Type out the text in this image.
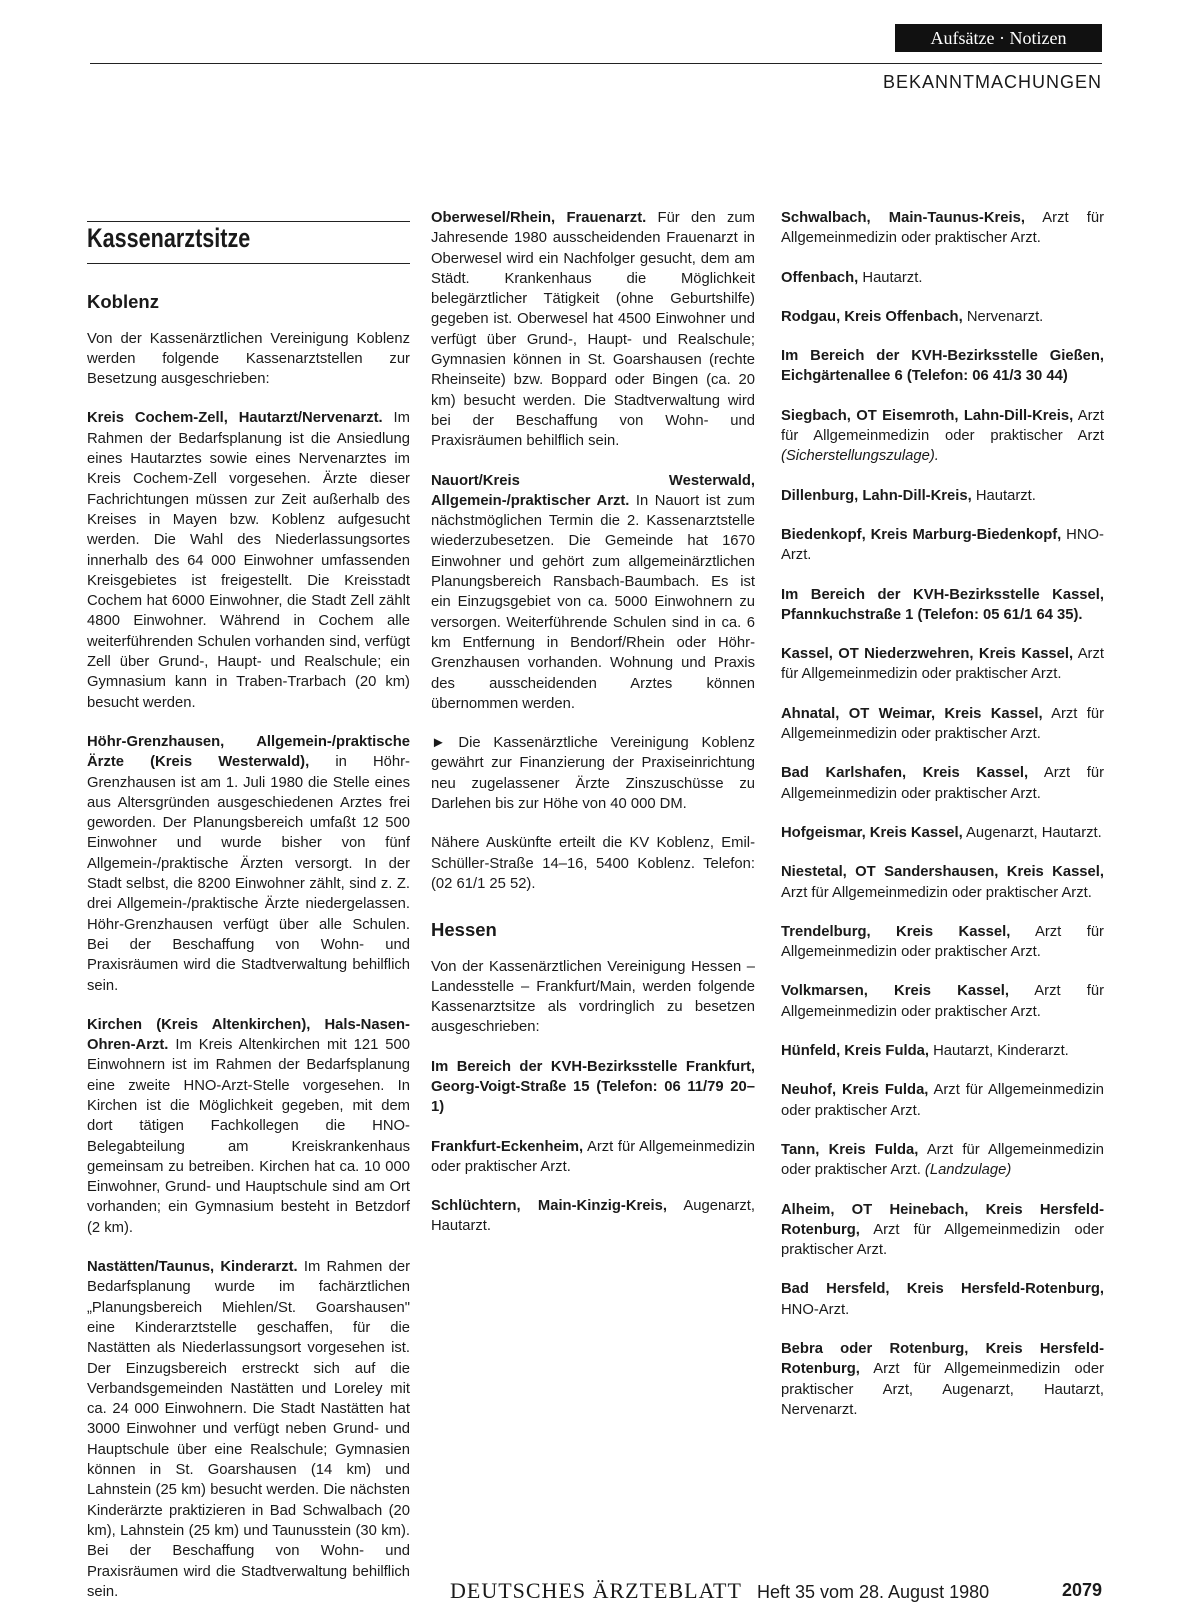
Aufsätze · Notizen
BEKANNTMACHUNGEN
Kassenarztsitze
Koblenz

Von der Kassenärztlichen Vereinigung Koblenz werden folgende Kassenarztstellen zur Besetzung ausgeschrieben:

Kreis Cochem-Zell, Hautarzt/Nervenarzt. Im Rahmen der Bedarfsplanung ist die Ansiedlung eines Hautarztes sowie eines Nervenarztes im Kreis Cochem-Zell vorgesehen. Ärzte dieser Fachrichtungen müssen zur Zeit außerhalb des Kreises in Mayen bzw. Koblenz aufgesucht werden. Die Wahl des Niederlassungsortes innerhalb des 64 000 Einwohner umfassenden Kreisgebietes ist freigestellt. Die Kreisstadt Cochem hat 6000 Einwohner, die Stadt Zell zählt 4800 Einwohner. Während in Cochem alle weiterführenden Schulen vorhanden sind, verfügt Zell über Grund-, Haupt- und Realschule; ein Gymnasium kann in Traben-Trarbach (20 km) besucht werden.

Höhr-Grenzhausen, Allgemein-/praktische Ärzte (Kreis Westerwald), in Höhr-Grenzhausen ist am 1. Juli 1980 die Stelle eines aus Altersgründen ausgeschiedenen Arztes frei geworden. Der Planungsbereich umfaßt 12 500 Einwohner und wurde bisher von fünf Allgemein-/praktische Ärzten versorgt. In der Stadt selbst, die 8200 Einwohner zählt, sind z. Z. drei Allgemein-/praktische Ärzte niedergelassen. Höhr-Grenzhausen verfügt über alle Schulen. Bei der Beschaffung von Wohn- und Praxisräumen wird die Stadtverwaltung behilflich sein.

Kirchen (Kreis Altenkirchen), Hals-Nasen-Ohren-Arzt. Im Kreis Altenkirchen mit 121 500 Einwohnern ist im Rahmen der Bedarfsplanung eine zweite HNO-Arzt-Stelle vorgesehen. In Kirchen ist die Möglichkeit gegeben, mit dem dort tätigen Fachkollegen die HNO-Belegabteilung am Kreiskrankenhaus gemeinsam zu betreiben. Kirchen hat ca. 10 000 Einwohner, Grund- und Hauptschule sind am Ort vorhanden; ein Gymnasium besteht in Betzdorf (2 km).

Nastätten/Taunus, Kinderarzt. Im Rahmen der Bedarfsplanung wurde im fachärztlichen „Planungsbereich Miehlen/St. Goarshausen" eine Kinderarztstelle geschaffen, für die Nastätten als Niederlassungsort vorgesehen ist. Der Einzugsbereich erstreckt sich auf die Verbandsgemeinden Nastätten und Loreley mit ca. 24 000 Einwohnern. Die Stadt Nastätten hat 3000 Einwohner und verfügt neben Grund- und Hauptschule über eine Realschule; Gymnasien können in St. Goarshausen (14 km) und Lahnstein (25 km) besucht werden. Die nächsten Kinderärzte praktizieren in Bad Schwalbach (20 km), Lahnstein (25 km) und Taunusstein (30 km). Bei der Beschaffung von Wohn- und Praxisräumen wird die Stadtverwaltung behilflich sein.

Oberwesel/Rhein, Frauenarzt. Für den zum Jahresende 1980 ausscheidenden Frauenarzt in Oberwesel wird ein Nachfolger gesucht, dem am Städt. Krankenhaus die Möglichkeit belegärztlicher Tätigkeit (ohne Geburtshilfe) gegeben ist. Oberwesel hat 4500 Einwohner und verfügt über Grund-, Haupt- und Realschule; Gymnasien können in St. Goarshausen (rechte Rheinseite) bzw. Boppard oder Bingen (ca. 20 km) besucht werden. Die Stadtverwaltung wird bei der Beschaffung von Wohn- und Praxisräumen behilflich sein.

Nauort/Kreis Westerwald, Allgemein-/praktischer Arzt. In Nauort ist zum nächstmöglichen Termin die 2. Kassenarztstelle wiederzubesetzen. Die Gemeinde hat 1670 Einwohner und gehört zum allgemeinärztlichen Planungsbereich Ransbach-Baumbach. Es ist ein Einzugsgebiet von ca. 5000 Einwohnern zu versorgen. Weiterführende Schulen sind in ca. 6 km Entfernung in Bendorf/Rhein oder Höhr-Grenzhausen vorhanden. Wohnung und Praxis des ausscheidenden Arztes können übernommen werden.

► Die Kassenärztliche Vereinigung Koblenz gewährt zur Finanzierung der Praxiseinrichtung neu zugelassener Ärzte Zinszuschüsse zu Darlehen bis zur Höhe von 40 000 DM.

Nähere Auskünfte erteilt die KV Koblenz, Emil-Schüller-Straße 14–16, 5400 Koblenz. Telefon: (02 61/1 25 52).

Hessen

Von der Kassenärztlichen Vereinigung Hessen – Landesstelle – Frankfurt/Main, werden folgende Kassenarztsitze als vordringlich zu besetzen ausgeschrieben:

Im Bereich der KVH-Bezirksstelle Frankfurt, Georg-Voigt-Straße 15 (Telefon: 06 11/79 20–1)

Frankfurt-Eckenheim, Arzt für Allgemeinmedizin oder praktischer Arzt.

Schlüchtern, Main-Kinzig-Kreis, Augenarzt, Hautarzt.

Schwalbach, Main-Taunus-Kreis, Arzt für Allgemeinmedizin oder praktischer Arzt.

Offenbach, Hautarzt.

Rodgau, Kreis Offenbach, Nervenarzt.

Im Bereich der KVH-Bezirksstelle Gießen, Eichgärtenallee 6 (Telefon: 06 41/3 30 44)

Siegbach, OT Eisemroth, Lahn-Dill-Kreis, Arzt für Allgemeinmedizin oder praktischer Arzt (Sicherstellungszulage).

Dillenburg, Lahn-Dill-Kreis, Hautarzt.

Biedenkopf, Kreis Marburg-Biedenkopf, HNO-Arzt.

Im Bereich der KVH-Bezirksstelle Kassel, Pfannkuchstraße 1 (Telefon: 05 61/1 64 35).

Kassel, OT Niederzwehren, Kreis Kassel, Arzt für Allgemeinmedizin oder praktischer Arzt.

Ahnatal, OT Weimar, Kreis Kassel, Arzt für Allgemeinmedizin oder praktischer Arzt.

Bad Karlshafen, Kreis Kassel, Arzt für Allgemeinmedizin oder praktischer Arzt.

Hofgeismar, Kreis Kassel, Augenarzt, Hautarzt.

Niestetal, OT Sandershausen, Kreis Kassel, Arzt für Allgemeinmedizin oder praktischer Arzt.

Trendelburg, Kreis Kassel, Arzt für Allgemeinmedizin oder praktischer Arzt.

Volkmarsen, Kreis Kassel, Arzt für Allgemeinmedizin oder praktischer Arzt.

Hünfeld, Kreis Fulda, Hautarzt, Kinderarzt.

Neuhof, Kreis Fulda, Arzt für Allgemeinmedizin oder praktischer Arzt.

Tann, Kreis Fulda, Arzt für Allgemeinmedizin oder praktischer Arzt. (Landzulage)

Alheim, OT Heinebach, Kreis Hersfeld-Rotenburg, Arzt für Allgemeinmedizin oder praktischer Arzt.

Bad Hersfeld, Kreis Hersfeld-Rotenburg, HNO-Arzt.

Bebra oder Rotenburg, Kreis Hersfeld-Rotenburg, Arzt für Allgemeinmedizin oder praktischer Arzt, Augenarzt, Hautarzt, Nervenarzt.

DEUTSCHES ÄRZTEBLATT Heft 35 vom 28. August 1980	2079
